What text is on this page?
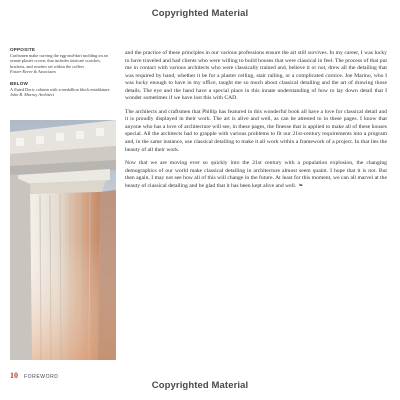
Copyrighted Material
OPPOSITE
Craftsmen make curving the egg-and-dart molding on an ornate plaster crown, that includes intricate scotches, brackets, and rosettes set within the coffers
Foster Reeve & Associates
BELOW
A fluted Doric column with a medallion block entablature
John B. Murray Architect

and the practice of these principles in our various professions ensure the art still survives. In my career, I was lucky to have traveled and had clients who were willing to build houses that were classical in feel. The process of that put me in contact with various architects who were classically trained and, believe it or not, drew all the detailing that was required by hand, whether it be for a plaster ceiling, stair railing, or a complicated cornice. Joe Marino, who I was lucky enough to have in my office, taught me so much about classical detailing and the art of drawing those details. The eye and the hand have a special place in this innate understanding of how to lay down detail that I wonder sometimes if we have lost this with CAD.

The architects and craftsmen that Phillip has featured in this wonderful book all have a love for classical detail and it is proudly displayed in their work. The art is alive and well, as can be attested to in these pages. I know that anyone who has a love of architecture will see, in these pages, the finesse that is applied to make all of these houses special. All the architects had to grapple with various problems to fit our 21st-century requirements into a program and, in the same instance, use classical detailing to make it all work within a framework of a project. In that lies the beauty of all their work.

Now that we are moving ever so quickly into the 21st century with a population explosion, the changing demographics of our world make classical detailing in architecture almost seem quaint. I hope that it is not. But then again, I may not see how all of this will change in the future. At least for this moment, we can all marvel at the beauty of classical detailing and be glad that it has been kept alive and well. ❧

10 FOREWORD
Copyrighted Material
